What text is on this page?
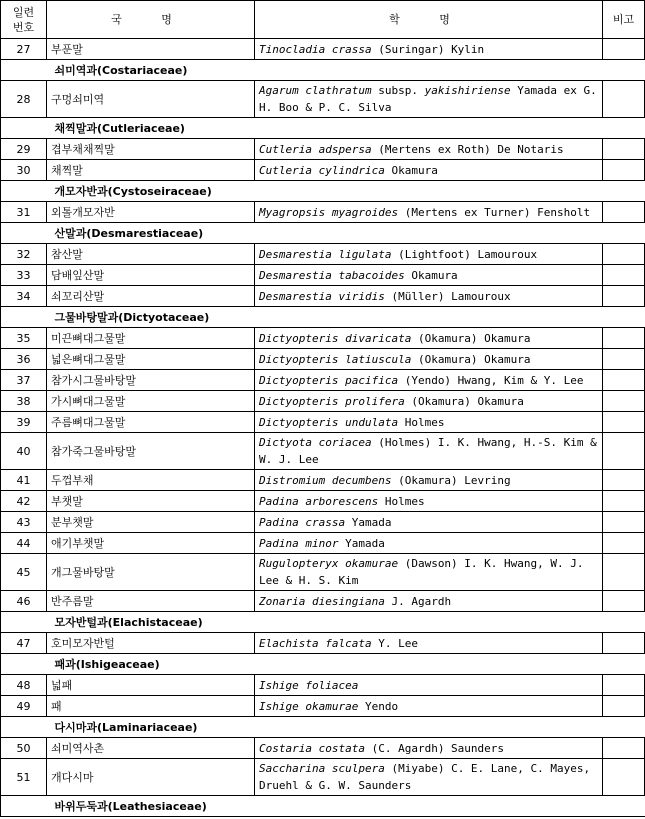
일련
번호	국 명	학 명	비고
27	부푼말	Tinocladia crassa (Suringar) Kylin	
	쇠미역과(Costariaceae)		
28	구멍쇠미역	Agarum clathratum subsp. yakishiriense Yamada ex G. H. Boo & P. C. Silva	
	채찍말과(Cutleriaceae)		
29	겹부채채찍말	Cutleria adspersa (Mertens ex Roth) De Notaris	
30	채찍말	Cutleria cylindrica Okamura	
	개모자반과(Cystoseiraceae)		
31	외톨개모자반	Myagropsis myagroides (Mertens ex Turner) Fensholt	
	산말과(Desmarestiaceae)		
32	참산말	Desmarestia ligulata (Lightfoot) Lamouroux	
33	담배잎산말	Desmarestia tabacoides Okamura	
34	쇠꼬리산말	Desmarestia viridis (Müller) Lamouroux	
	그물바탕말과(Dictyotaceae)		
35	미끈뼈대그물말	Dictyopteris divaricata (Okamura) Okamura	
36	넓은뼈대그물말	Dictyopteris latiuscula (Okamura) Okamura	
37	참가시그물바탕말	Dictyopteris pacifica (Yendo) Hwang, Kim & Y. Lee	
38	가시뼈대그물말	Dictyopteris prolifera (Okamura) Okamura	
39	주름뼈대그물말	Dictyopteris undulata Holmes	
40	참가죽그물바탕말	Dictyota coriacea (Holmes) I. K. Hwang, H.-S. Kim & W. J. Lee	
41	두껍부채	Distromium decumbens (Okamura) Levring	
42	부챗말	Padina arborescens Holmes	
43	분부챗말	Padina crassa Yamada	
44	애기부챗말	Padina minor Yamada	
45	개그물바탕말	Rugulopteryx okamurae (Dawson) I. K. Hwang, W. J. Lee & H. S. Kim	
46	반주름말	Zonaria diesingiana J. Agardh	
	모자반털과(Elachistaceae)		
47	호미모자반털	Elachista falcata Y. Lee	
	패과(Ishigeaceae)		
48	넓패	Ishige foliacea	
49	패	Ishige okamurae Yendo	
	다시마과(Laminariaceae)		
50	쇠미역사촌	Costaria costata (C. Agardh) Saunders	
51	개다시마	Saccharina sculpera (Miyabe) C. E. Lane, C. Mayes, Druehl & G. W. Saunders	
	바위두둑과(Leathesiaceae)		
